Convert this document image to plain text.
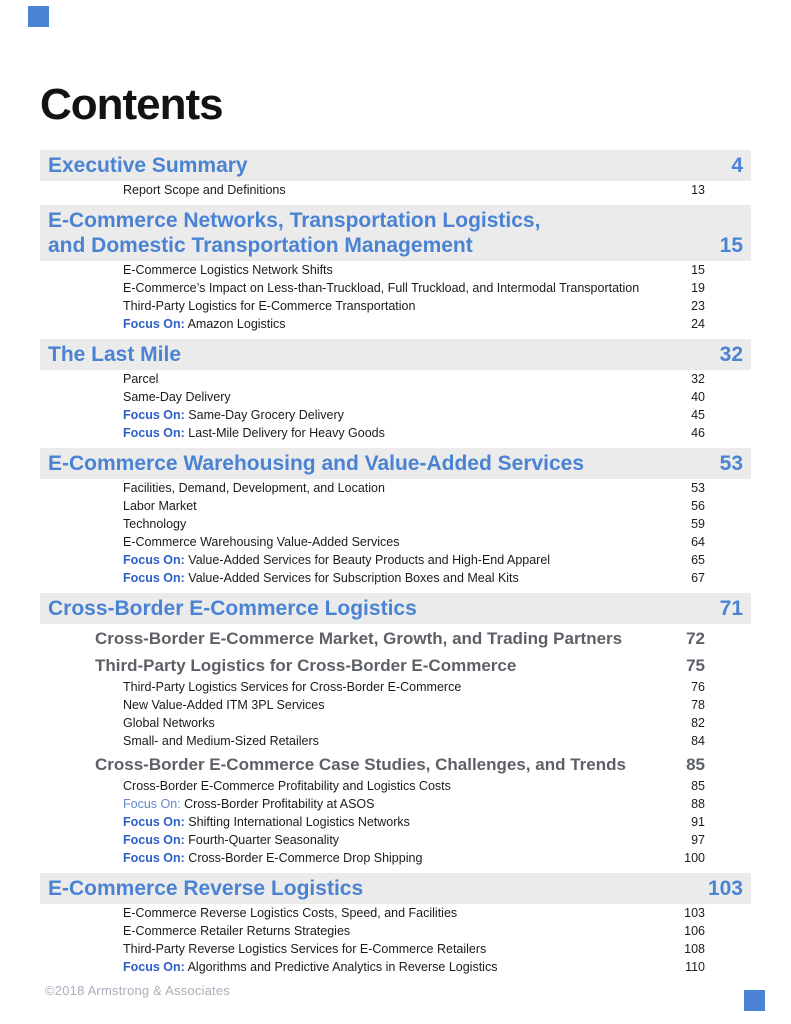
Contents
Executive Summary	4
Report Scope and Definitions	13
E-Commerce Networks, Transportation Logistics,
and Domestic Transportation Management	15
E-Commerce Logistics Network Shifts	15
E-Commerce’s Impact on Less-than-Truckload, Full Truckload, and Intermodal Transportation	19
Third-Party Logistics for E-Commerce Transportation	23
Focus On: Amazon Logistics	24
The Last Mile	32
Parcel	32
Same-Day Delivery	40
Focus On: Same-Day Grocery Delivery	45
Focus On: Last-Mile Delivery for Heavy Goods	46
E-Commerce Warehousing and Value-Added Services	53
Facilities, Demand, Development, and Location	53
Labor Market	56
Technology	59
E-Commerce Warehousing Value-Added Services	64
Focus On: Value-Added Services for Beauty Products and High-End Apparel	65
Focus On: Value-Added Services for Subscription Boxes and Meal Kits	67
Cross-Border E-Commerce Logistics	71
Cross-Border E-Commerce Market, Growth, and Trading Partners	72
Third-Party Logistics for Cross-Border E-Commerce	75
Third-Party Logistics Services for Cross-Border E-Commerce	76
New Value-Added ITM 3PL Services	78
Global Networks	82
Small- and Medium-Sized Retailers	84
Cross-Border E-Commerce Case Studies, Challenges, and Trends	85
Cross-Border E-Commerce Profitability and Logistics Costs	85
Focus On: Cross-Border Profitability at ASOS	88
Focus On: Shifting International Logistics Networks	91
Focus On: Fourth-Quarter Seasonality	97
Focus On: Cross-Border E-Commerce Drop Shipping	100
E-Commerce Reverse Logistics	103
E-Commerce Reverse Logistics Costs, Speed, and Facilities	103
E-Commerce Retailer Returns Strategies	106
Third-Party Reverse Logistics Services for E-Commerce Retailers	108
Focus On: Algorithms and Predictive Analytics in Reverse Logistics	110
©2018 Armstrong & Associates
